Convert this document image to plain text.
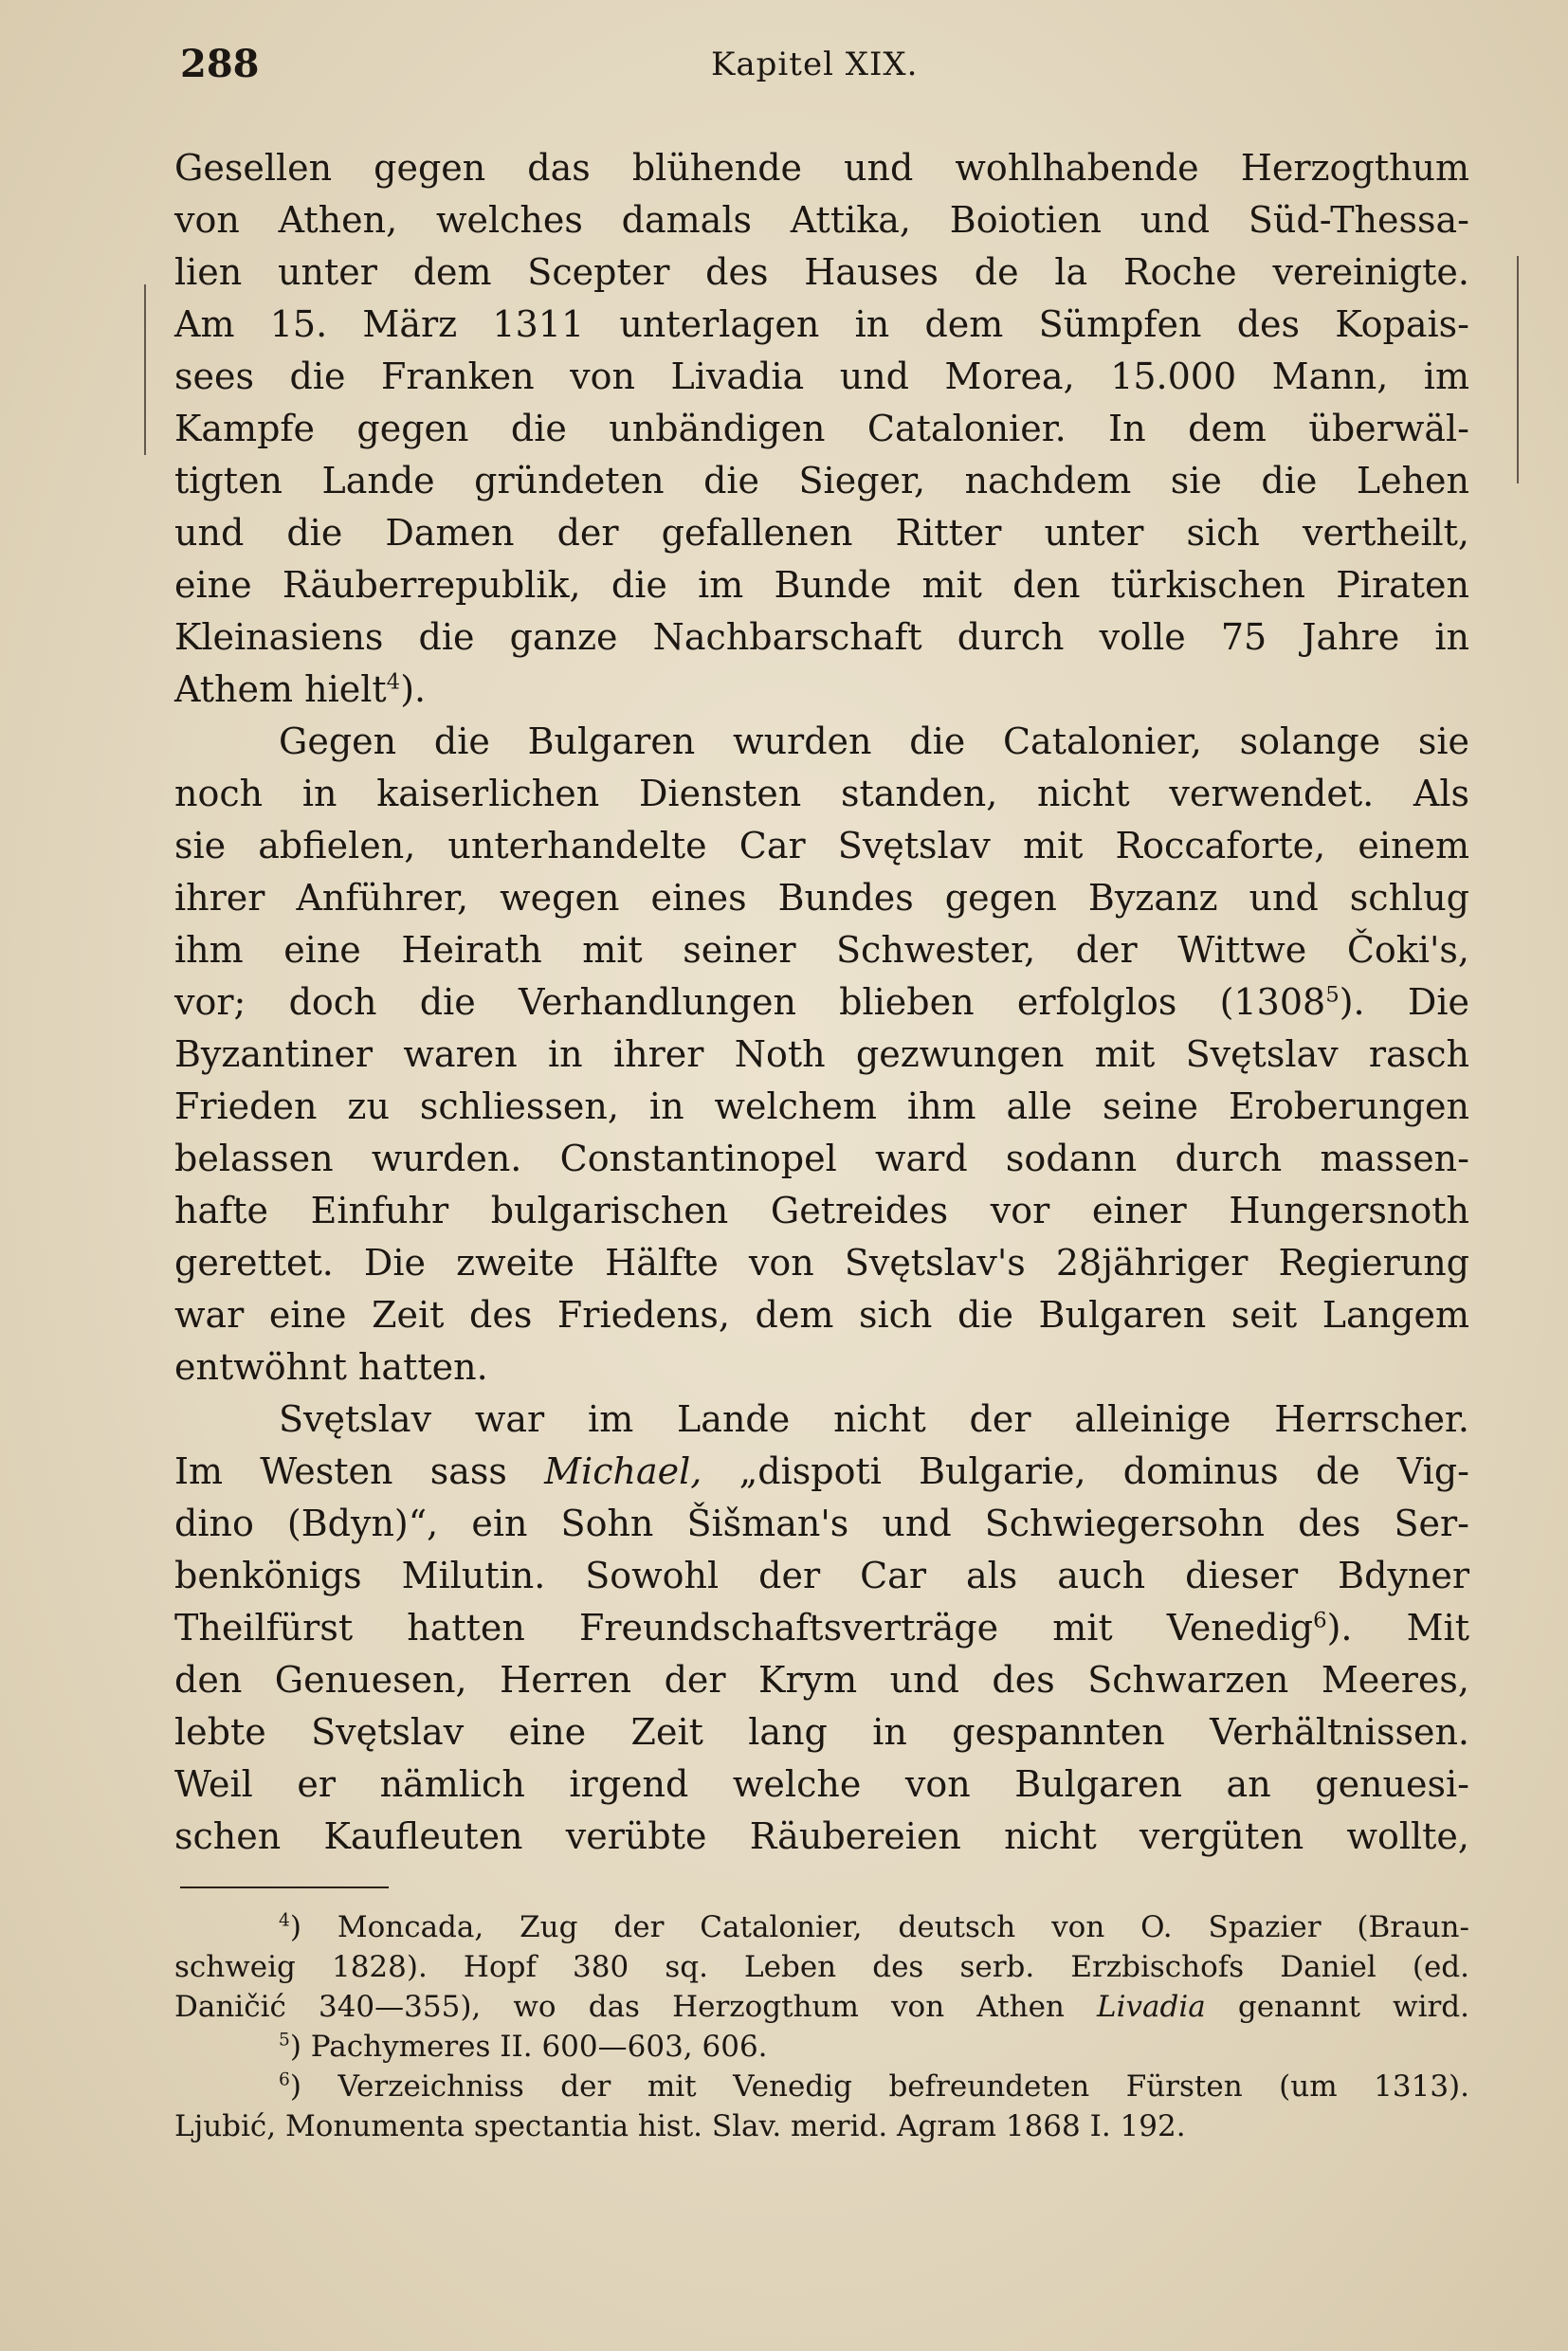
288	Kapitel XIX.
Gesellen gegen das blühende und wohlhabende Herzogthum
von Athen, welches damals Attika, Boiotien und Süd-Thessa-
lien unter dem Scepter des Hauses de la Roche vereinigte.
Am 15. März 1311 unterlagen in dem Sümpfen des Kopais-
sees die Franken von Livadia und Morea, 15.000 Mann, im
Kampfe gegen die unbändigen Catalonier. In dem überwäl-
tigten Lande gründeten die Sieger, nachdem sie die Lehen
und die Damen der gefallenen Ritter unter sich vertheilt,
eine Räuberrepublik, die im Bunde mit den türkischen Piraten
Kleinasiens die ganze Nachbarschaft durch volle 75 Jahre in
Athem hielt$^4$).
Gegen die Bulgaren wurden die Catalonier, solange sie
noch in kaiserlichen Diensten standen, nicht verwendet. Als
sie abfielen, unterhandelte Car Svętslav mit Roccaforte, einem
ihrer Anführer, wegen eines Bundes gegen Byzanz und schlug
ihm eine Heirath mit seiner Schwester, der Wittwe Čoki's,
vor; doch die Verhandlungen blieben erfolglos (1308$^5$). Die
Byzantiner waren in ihrer Noth gezwungen mit Svętslav rasch
Frieden zu schliessen, in welchem ihm alle seine Eroberungen
belassen wurden. Constantinopel ward sodann durch massen-
hafte Einfuhr bulgarischen Getreides vor einer Hungersnoth
gerettet. Die zweite Hälfte von Svętslav's 28jähriger Regierung
war eine Zeit des Friedens, dem sich die Bulgaren seit Langem
entwöhnt hatten.
Svętslav war im Lande nicht der alleinige Herrscher.
Im Westen sass Michael, „dispoti Bulgarie, dominus de Vig-
dino (Bdyn)“, ein Sohn Šišman's und Schwiegersohn des Ser-
benkönigs Milutin. Sowohl der Car als auch dieser Bdyner
Theilfürst hatten Freundschaftsverträge mit Venedig$^6$). Mit
den Genuesen, Herren der Krym und des Schwarzen Meeres,
lebte Svętslav eine Zeit lang in gespannten Verhältnissen.
Weil er nämlich irgend welche von Bulgaren an genuesi-
schen Kaufleuten verübte Räubereien nicht vergüten wollte,
$^4$) Moncada, Zug der Catalonier, deutsch von O. Spazier (Braun-
schweig 1828). Hopf 380 sq. Leben des serb. Erzbischofs Daniel (ed.
Daničić 340—355), wo das Herzogthum von Athen Livadia genannt wird.
$^5$) Pachymeres II. 600—603, 606.
$^6$) Verzeichniss der mit Venedig befreundeten Fürsten (um 1313).
Ljubić, Monumenta spectantia hist. Slav. merid. Agram 1868 I. 192.
